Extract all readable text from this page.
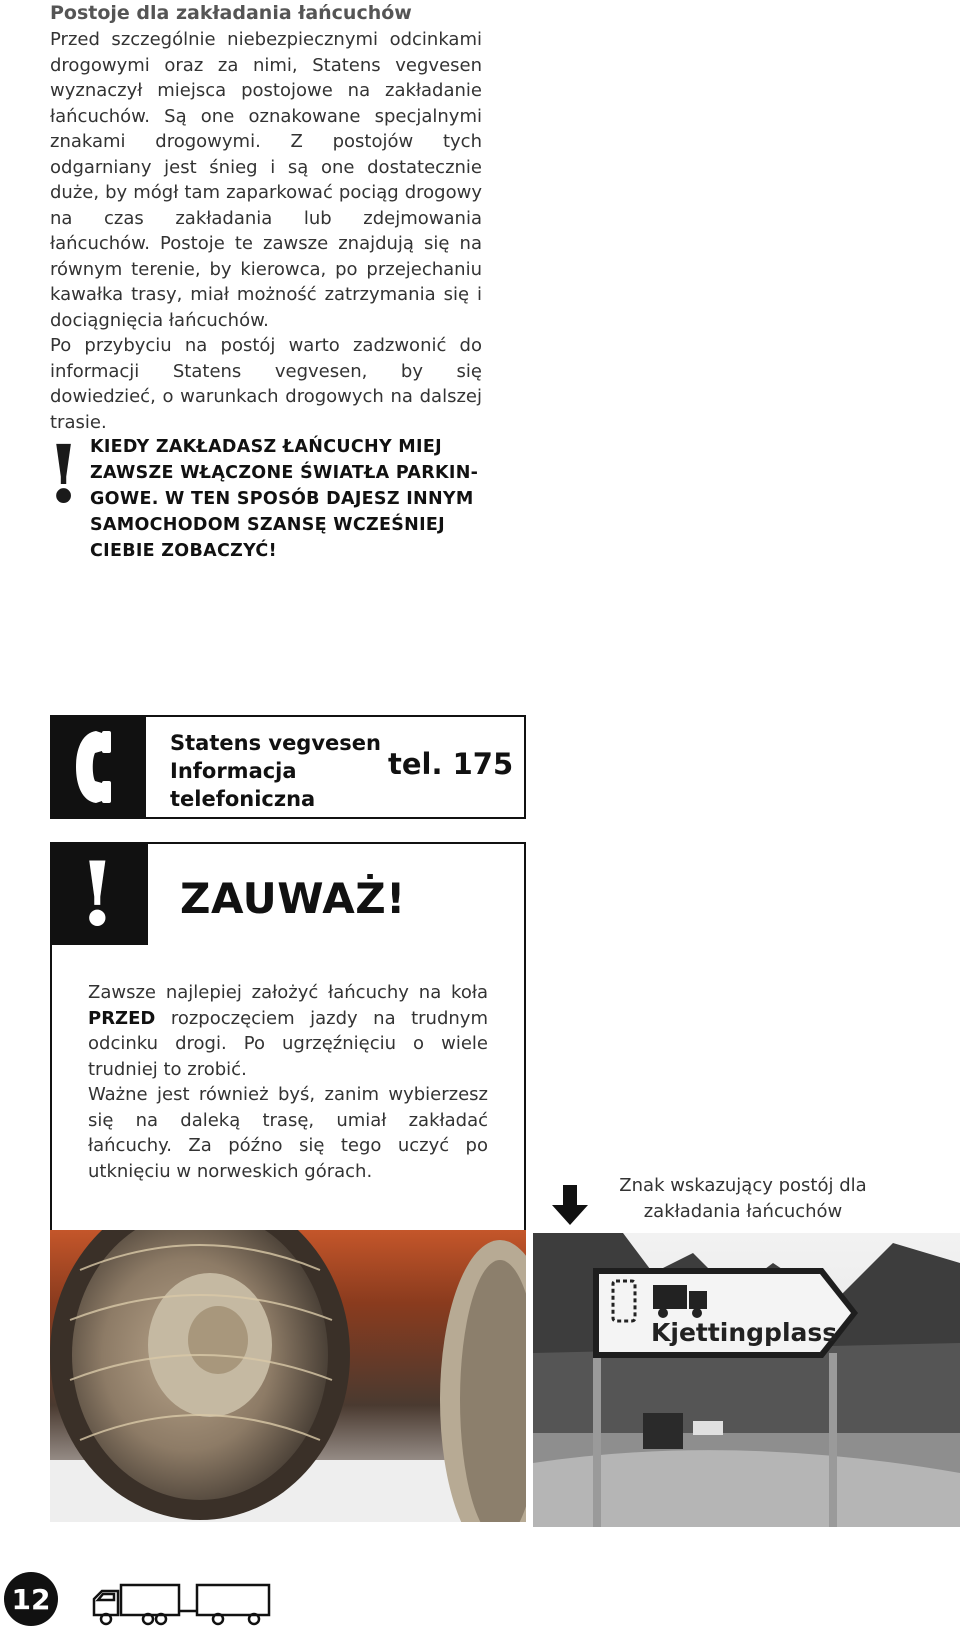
Postoje dla zakładania łańcuchów

Przed szczególnie niebezpiecznymi odcinkami drogowymi oraz za nimi, Statens vegvesen wyznaczył miejsca postojowe na zakładanie łańcuchów. Są one oznakowane specjalnymi znakami drogowymi. Z postojów tych odgarniany jest śnieg i są one dostatecznie duże, by mógł tam zaparkować pociąg drogowy na czas zakładania lub zdejmowania łańcuchów. Postoje te zawsze znajdują się na równym terenie, by kierowca, po przejechaniu kawałka trasy, miał możność zatrzymania się i dociągnięcia łańcuchów.

Po przybyciu na postój warto zadzwonić do informacji Statens vegvesen, by się dowiedzieć, o warunkach drogowych na dalszej trasie.

! KIEDY ZAKŁADASZ ŁAŃCUCHY MIEJ ZAWSZE WŁĄCZONE ŚWIATŁA PARKIN-GOWE. W TEN SPOSÓB DAJESZ INNYM SAMOCHODOM SZANSĘ WCZEŚNIEJ CIEBIE ZOBACZYĆ!
Statens vegvesen
Informacja
telefoniczna
tel. 175
! ZAUWAŻ!

Zawsze najlepiej założyć łańcuchy na koła PRZED rozpoczęciem jazdy na trudnym odcinku drogi. Po ugrzęźnięciu o wiele trudniej to zrobić.

Ważne jest również byś, zanim wybierzesz się na daleką trasę, umiał zakładać łańcuchy. Za późno się tego uczyć po utknięciu w norweskich górach.

Znak wskazujący postój dla zakładania łańcuchów
Kjettingplass
12
